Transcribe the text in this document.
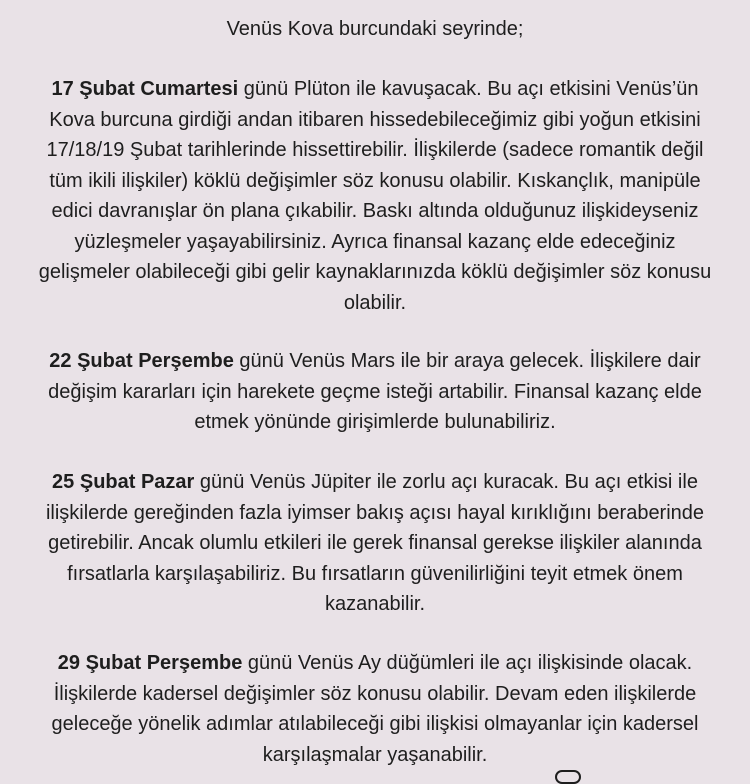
Venüs Kova burcundaki seyrinde;
17 Şubat Cumartesi günü Plüton ile kavuşacak. Bu açı etkisini Venüs’ün
Kova burcuna girdiği andan itibaren hissedebileceğimiz gibi yoğun etkisini
17/18/19 Şubat tarihlerinde hissettirebilir. İlişkilerde (sadece romantik değil
tüm ikili ilişkiler) köklü değişimler söz konusu olabilir. Kıskançlık, manipüle
edici davranışlar ön plana çıkabilir. Baskı altında olduğunuz ilişkideyseniz
yüzleşmeler yaşayabilirsiniz. Ayrıca finansal kazanç elde edeceğiniz
gelişmeler olabileceği gibi gelir kaynaklarınızda köklü değişimler söz konusu
olabilir.
22 Şubat Perşembe günü Venüs Mars ile bir araya gelecek. İlişkilere dair
değişim kararları için harekete geçme isteği artabilir. Finansal kazanç elde
etmek yönünde girişimlerde bulunabiliriz.
25 Şubat Pazar günü Venüs Jüpiter ile zorlu açı kuracak. Bu açı etkisi ile
ilişkilerde gereğinden fazla iyimser bakış açısı hayal kırıklığını beraberinde
getirebilir. Ancak olumlu etkileri ile gerek finansal gerekse ilişkiler alanında
fırsatlarla karşılaşabiliriz. Bu fırsatların güvenilirliğini teyit etmek önem
kazanabilir.
29 Şubat Perşembe günü Venüs Ay düğümleri ile açı ilişkisinde olacak.
İlişkilerde kadersel değişimler söz konusu olabilir. Devam eden ilişkilerde
geleceğe yönelik adımlar atılabileceği gibi ilişkisi olmayanlar için kadersel
karşılaşmalar yaşanabilir.
